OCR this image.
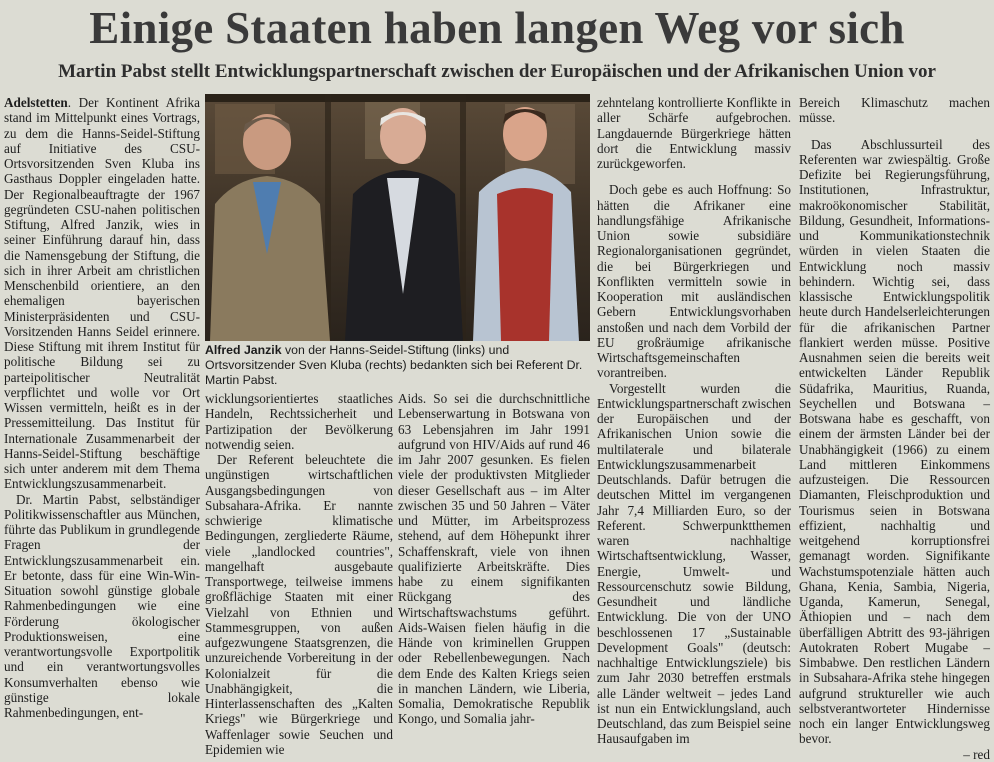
Einige Staaten haben langen Weg vor sich
Martin Pabst stellt Entwicklungspartnerschaft zwischen der Europäischen und der Afrikanischen Union vor

Adelstetten. Der Kontinent Afrika stand im Mittelpunkt eines Vortrags, zu dem die Hanns-Seidel-Stiftung auf Initiative des CSU-Ortsvorsitzenden Sven Kluba ins Gasthaus Doppler eingeladen hatte. Der Regionalbeauftragte der 1967 gegründeten CSU-nahen politischen Stiftung, Alfred Janzik, wies in seiner Einführung darauf hin, dass die Namensgebung der Stiftung, die sich in ihrer Arbeit am christlichen Menschenbild orientiere, an den ehemaligen bayerischen Ministerpräsidenten und CSU-Vorsitzenden Hanns Seidel erinnere. Diese Stiftung mit ihrem Institut für politische Bildung sei zu parteipolitischer Neutralität verpflichtet und wolle vor Ort Wissen vermitteln, heißt es in der Pressemitteilung. Das Institut für Internationale Zusammenarbeit der Hanns-Seidel-Stiftung beschäftige sich unter anderem mit dem Thema Entwicklungszusammenarbeit.

Dr. Martin Pabst, selbständiger Politikwissenschaftler aus München, führte das Publikum in grundlegende Fragen der Entwicklungszusammenarbeit ein. Er betonte, dass für eine Win-Win-Situation sowohl günstige globale Rahmenbedingungen wie eine Förderung ökologischer Produktionsweisen, eine verantwortungsvolle Exportpolitik und ein verantwortungsvolles Konsumverhalten ebenso wie günstige lokale Rahmenbedingungen, ent-

Alfred Janzik von der Hanns-Seidel-Stiftung (links) und Ortsvorsitzender Sven Kluba (rechts) bedankten sich bei Referent Dr. Martin Pabst.

wicklungsorientiertes staatliches Handeln, Rechtssicherheit und Partizipation der Bevölkerung notwendig seien.

Der Referent beleuchtete die ungünstigen wirtschaftlichen Ausgangsbedingungen von Subsahara-Afrika. Er nannte schwierige klimatische Bedingungen, zergliederte Räume, viele „landlocked countries", mangelhaft ausgebaute Transportwege, teilweise immens großflächige Staaten mit einer Vielzahl von Ethnien und Stammesgruppen, von außen aufgezwungene Staatsgrenzen, die unzureichende Vorbereitung in der Kolonialzeit für die Unabhängigkeit, die Hinterlassenschaften des „Kalten Kriegs" wie Bürgerkriege und Waffenlager sowie Seuchen und Epidemien wie

Aids. So sei die durchschnittliche Lebenserwartung in Botswana von 63 Lebensjahren im Jahr 1991 aufgrund von HIV/Aids auf rund 46 im Jahr 2007 gesunken. Es fielen viele der produktivsten Mitglieder dieser Gesellschaft aus – im Alter zwischen 35 und 50 Jahren – Väter und Mütter, im Arbeitsprozess stehend, auf dem Höhepunkt ihrer Schaffenskraft, viele von ihnen qualifizierte Arbeitskräfte. Dies habe zu einem signifikanten Rückgang des Wirtschaftswachstums geführt. Aids-Waisen fielen häufig in die Hände von kriminellen Gruppen oder Rebellenbewegungen. Nach dem Ende des Kalten Kriegs seien in manchen Ländern, wie Liberia, Somalia, Demokratische Republik Kongo, und Somalia jahr-

zehntelang kontrollierte Konflikte in aller Schärfe aufgebrochen. Langdauernde Bürgerkriege hätten dort die Entwicklung massiv zurückgeworfen.

Doch gebe es auch Hoffnung: So hätten die Afrikaner eine handlungsfähige Afrikanische Union sowie subsidiäre Regionalorganisationen gegründet, die bei Bürgerkriegen und Konflikten vermitteln sowie in Kooperation mit ausländischen Gebern Entwicklungsvorhaben anstoßen und nach dem Vorbild der EU großräumige afrikanische Wirtschaftsgemeinschaften vorantreiben.

Vorgestellt wurden die Entwicklungspartnerschaft zwischen der Europäischen und der Afrikanischen Union sowie die multilaterale und bilaterale Entwicklungszusammenarbeit Deutschlands. Dafür betrugen die deutschen Mittel im vergangenen Jahr 7,4 Milliarden Euro, so der Referent. Schwerpunktthemen waren nachhaltige Wirtschaftsentwicklung, Wasser, Energie, Umwelt- und Ressourcenschutz sowie Bildung, Gesundheit und ländliche Entwicklung. Die von der UNO beschlossenen 17 „Sustainable Development Goals" (deutsch: nachhaltige Entwicklungsziele) bis zum Jahr 2030 betreffen erstmals alle Länder weltweit – jedes Land ist nun ein Entwicklungsland, auch Deutschland, das zum Beispiel seine Hausaufgaben im

Bereich Klimaschutz machen müsse.

Das Abschlussurteil des Referenten war zwiespältig. Große Defizite bei Regierungsführung, Institutionen, Infrastruktur, makroökonomischer Stabilität, Bildung, Gesundheit, Informations- und Kommunikationstechnik würden in vielen Staaten die Entwicklung noch massiv behindern. Wichtig sei, dass klassische Entwicklungspolitik heute durch Handelserleichterungen für die afrikanischen Partner flankiert werden müsse. Positive Ausnahmen seien die bereits weit entwickelten Länder Republik Südafrika, Mauritius, Ruanda, Seychellen und Botswana – Botswana habe es geschafft, von einem der ärmsten Länder bei der Unabhängigkeit (1966) zu einem Land mittleren Einkommens aufzusteigen. Die Ressourcen Diamanten, Fleischproduktion und Tourismus seien in Botswana effizient, nachhaltig und weitgehend korruptionsfrei gemanagt worden. Signifikante Wachstumspotenziale hätten auch Ghana, Kenia, Sambia, Nigeria, Uganda, Kamerun, Senegal, Äthiopien und – nach dem überfälligen Abtritt des 93-jährigen Autokraten Robert Mugabe – Simbabwe. Den restlichen Ländern in Subsahara-Afrika stehe hingegen aufgrund struktureller wie auch selbstverantworteter Hindernisse noch ein langer Entwicklungsweg bevor.

– red
